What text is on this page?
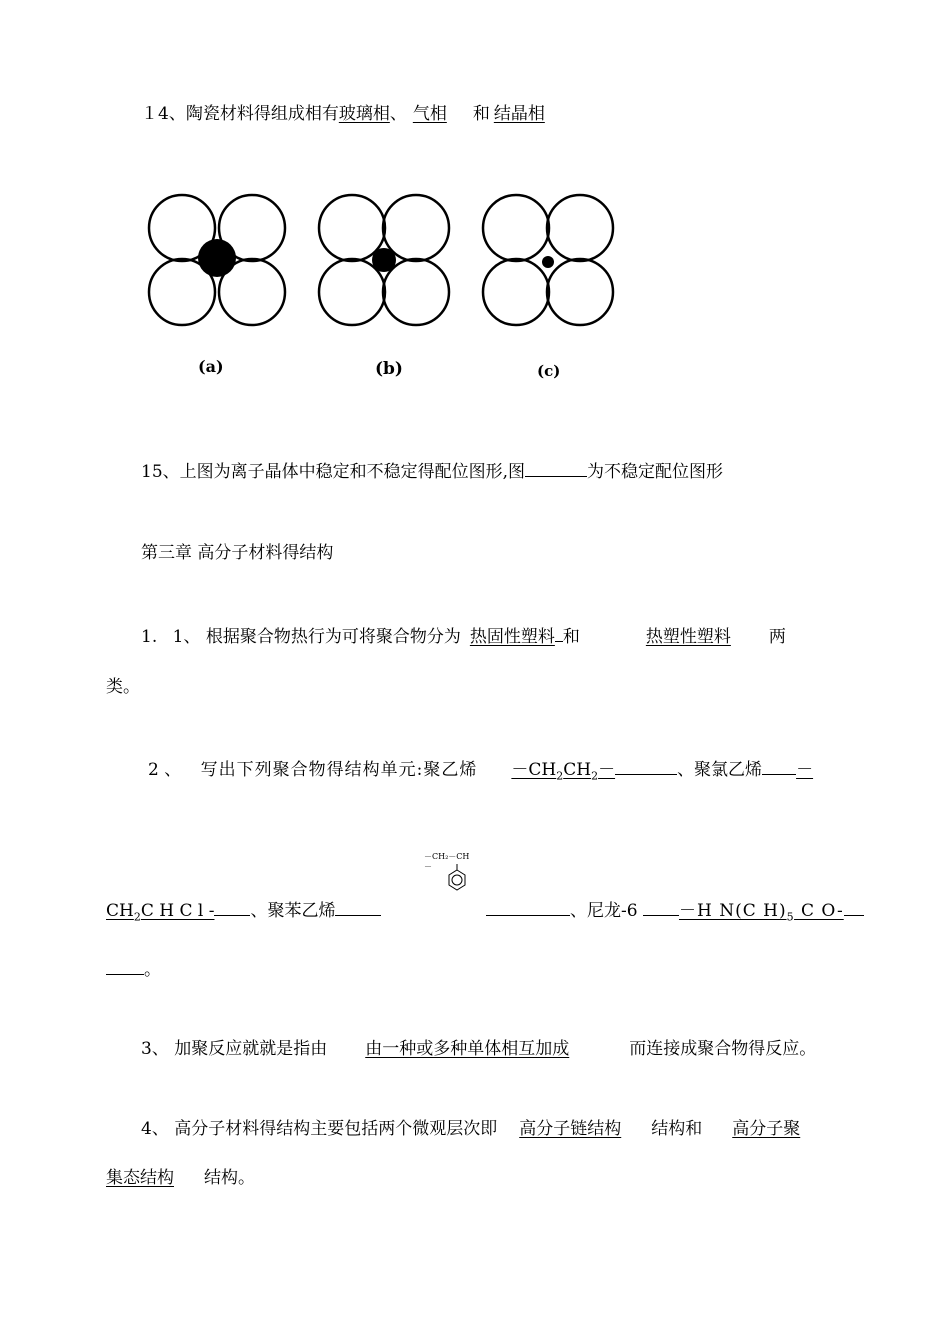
１4、陶瓷材料得组成相有玻璃相、 气相 和 结晶相
(a)	(b)	(c)
15、上图为离子晶体中稳定和不稳定得配位图形,图	为不稳定配位图形
第三章 高分子材料得结构
1. 1、 根据聚合物热行为可将聚合物分为 热固性塑料 和	热塑性塑料 两
类。
2 、 写出下列聚合物得结构单元:聚乙烯 $-CH_2CH_2-$	、聚氯乙烯 －
－CH₂－CH－
$CH_2C$ H C l - 、聚苯乙烯	、尼龙-6 －H N(C $H)_5$ C O-
。
3、 加聚反应就就是指由 由一种或多种单体相互加成	而连接成聚合物得反应。
4、 高分子材料得结构主要包括两个微观层次即 高分子链结构 结构和 高分子聚
集态结构 结构。
